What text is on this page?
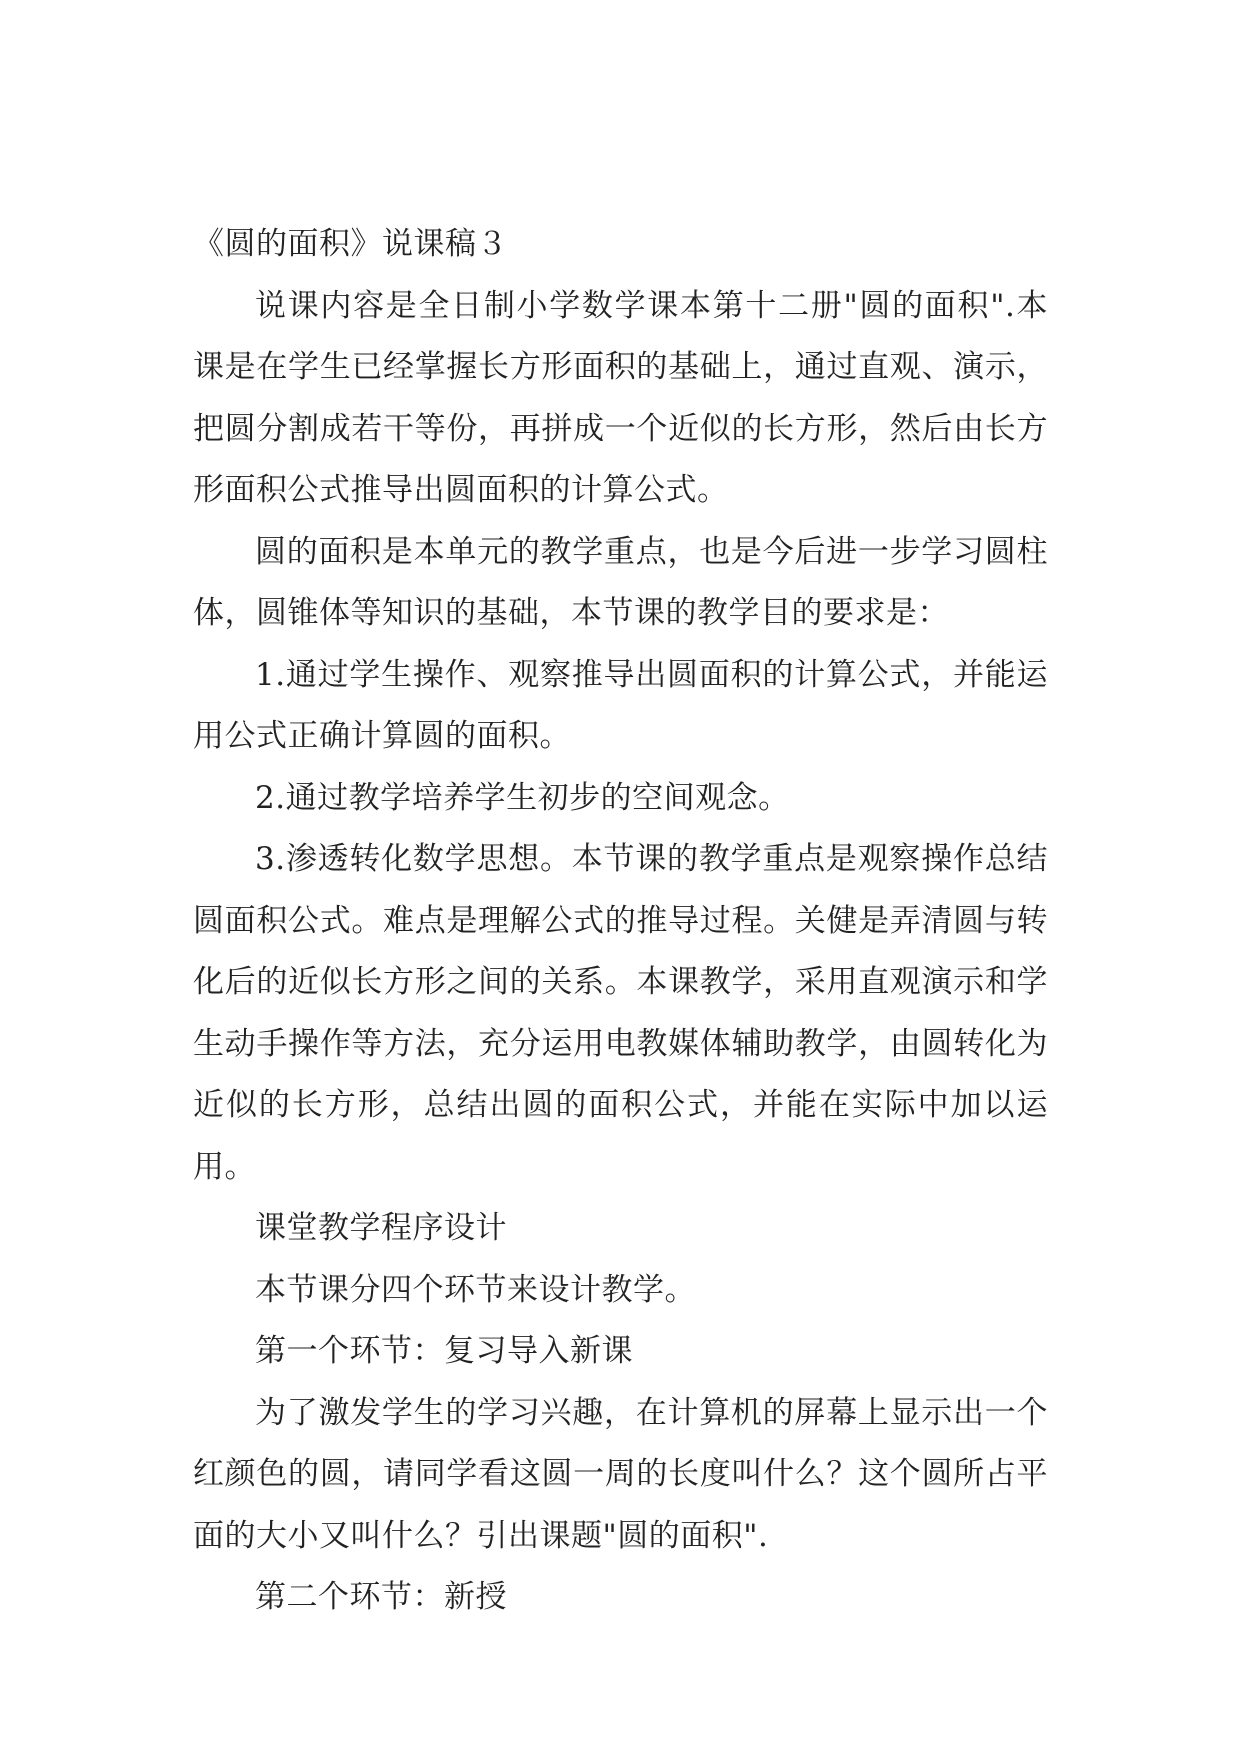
《圆的面积》说课稿３

说课内容是全日制小学数学课本第十二册"圆的面积".本课是在学生已经掌握长方形面积的基础上，通过直观、演示，把圆分割成若干等份，再拼成一个近似的长方形，然后由长方形面积公式推导出圆面积的计算公式。

圆的面积是本单元的教学重点，也是今后进一步学习圆柱体，圆锥体等知识的基础，本节课的教学目的要求是：

1.通过学生操作、观察推导出圆面积的计算公式，并能运用公式正确计算圆的面积。

2.通过教学培养学生初步的空间观念。

3.渗透转化数学思想。本节课的教学重点是观察操作总结圆面积公式。难点是理解公式的推导过程。关健是弄清圆与转化后的近似长方形之间的关系。本课教学，采用直观演示和学生动手操作等方法，充分运用电教媒体辅助教学，由圆转化为近似的长方形，总结出圆的面积公式，并能在实际中加以运用。

课堂教学程序设计

本节课分四个环节来设计教学。

第一个环节：复习导入新课

为了激发学生的学习兴趣，在计算机的屏幕上显示出一个红颜色的圆，请同学看这圆一周的长度叫什么？这个圆所占平面的大小又叫什么？引出课题"圆的面积".

第二个环节：新授
